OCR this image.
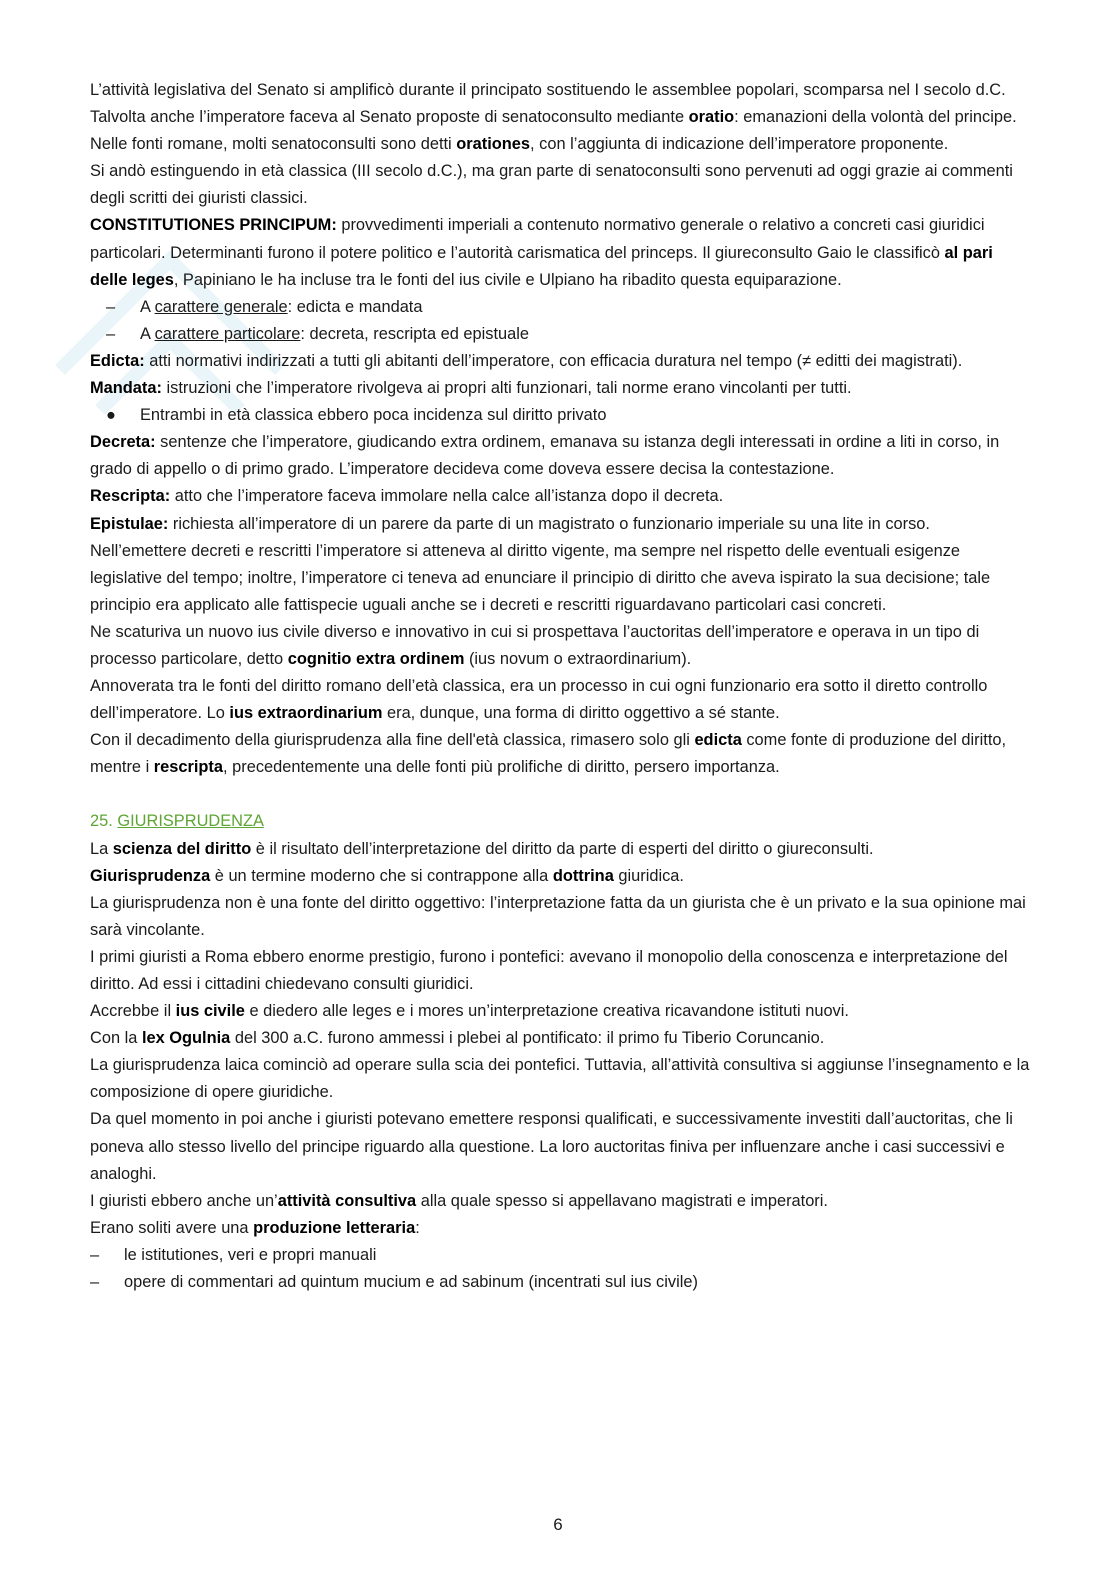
L’attività legislativa del Senato si amplificò durante il principato sostituendo le assemblee popolari, scomparsa nel I secolo d.C. Talvolta anche l’imperatore faceva al Senato proposte di senatoconsulto mediante oratio: emanazioni della volontà del principe. Nelle fonti romane, molti senatoconsulti sono detti orationes, con l’aggiunta di indicazione dell’imperatore proponente.

Si andò estinguendo in età classica (III secolo d.C.), ma gran parte di senatoconsulti sono pervenuti ad oggi grazie ai commenti degli scritti dei giuristi classici.

CONSTITUTIONES PRINCIPUM: provvedimenti imperiali a contenuto normativo generale o relativo a concreti casi giuridici particolari. Determinanti furono il potere politico e l’autorità carismatica del princeps. Il giureconsulto Gaio le classificò al pari delle leges, Papiniano le ha incluse tra le fonti del ius civile e Ulpiano ha ribadito questa equiparazione.

– A carattere generale: edicta e mandata
– A carattere particolare: decreta, rescripta ed epistuale

Edicta: atti normativi indirizzati a tutti gli abitanti dell’imperatore, con efficacia duratura nel tempo (≠ editti dei magistrati).

Mandata: istruzioni che l’imperatore rivolgeva ai propri alti funzionari, tali norme erano vincolanti per tutti.

● Entrambi in età classica ebbero poca incidenza sul diritto privato

Decreta: sentenze che l’imperatore, giudicando extra ordinem, emanava su istanza degli interessati in ordine a liti in corso, in grado di appello o di primo grado. L’imperatore decideva come doveva essere decisa la contestazione.

Rescripta: atto che l’imperatore faceva immolare nella calce all’istanza dopo il decreta.

Epistulae: richiesta all’imperatore di un parere da parte di un magistrato o funzionario imperiale su una lite in corso.

Nell’emettere decreti e rescritti l’imperatore si atteneva al diritto vigente, ma sempre nel rispetto delle eventuali esigenze legislative del tempo; inoltre, l’imperatore ci teneva ad enunciare il principio di diritto che aveva ispirato la sua decisione; tale principio era applicato alle fattispecie uguali anche se i decreti e rescritti riguardavano particolari casi concreti.

Ne scaturiva un nuovo ius civile diverso e innovativo in cui si prospettava l’auctoritas dell’imperatore e operava in un tipo di processo particolare, detto cognitio extra ordinem (ius novum o extraordinarium).

Annoverata tra le fonti del diritto romano dell’età classica, era un processo in cui ogni funzionario era sotto il diretto controllo dell’imperatore. Lo ius extraordinarium era, dunque, una forma di diritto oggettivo a sé stante.

Con il decadimento della giurisprudenza alla fine dell'età classica, rimasero solo gli edicta come fonte di produzione del diritto, mentre i rescripta, precedentemente una delle fonti più prolifiche di diritto, persero importanza.

25. GIURISPRUDENZA

La scienza del diritto è il risultato dell’interpretazione del diritto da parte di esperti del diritto o giureconsulti.

Giurisprudenza è un termine moderno che si contrappone alla dottrina giuridica.

La giurisprudenza non è una fonte del diritto oggettivo: l’interpretazione fatta da un giurista che è un privato e la sua opinione mai sarà vincolante.

I primi giuristi a Roma ebbero enorme prestigio, furono i pontefici: avevano il monopolio della conoscenza e interpretazione del diritto. Ad essi i cittadini chiedevano consulti giuridici.

Accrebbe il ius civile e diedero alle leges e i mores un’interpretazione creativa ricavandone istituti nuovi.

Con la lex Ogulnia del 300 a.C. furono ammessi i plebei al pontificato: il primo fu Tiberio Coruncanio.

La giurisprudenza laica cominciò ad operare sulla scia dei pontefici. Tuttavia, all’attività consultiva si aggiunse l’insegnamento e la composizione di opere giuridiche.

Da quel momento in poi anche i giuristi potevano emettere responsi qualificati, e successivamente investiti dall’auctoritas, che li poneva allo stesso livello del principe riguardo alla questione. La loro auctoritas finiva per influenzare anche i casi successivi e analoghi.

I giuristi ebbero anche un’attività consultiva alla quale spesso si appellavano magistrati e imperatori.

Erano soliti avere una produzione letteraria:

– le istitutiones, veri e propri manuali
– opere di commentari ad quintum mucium e ad sabinum (incentrati sul ius civile)
6
